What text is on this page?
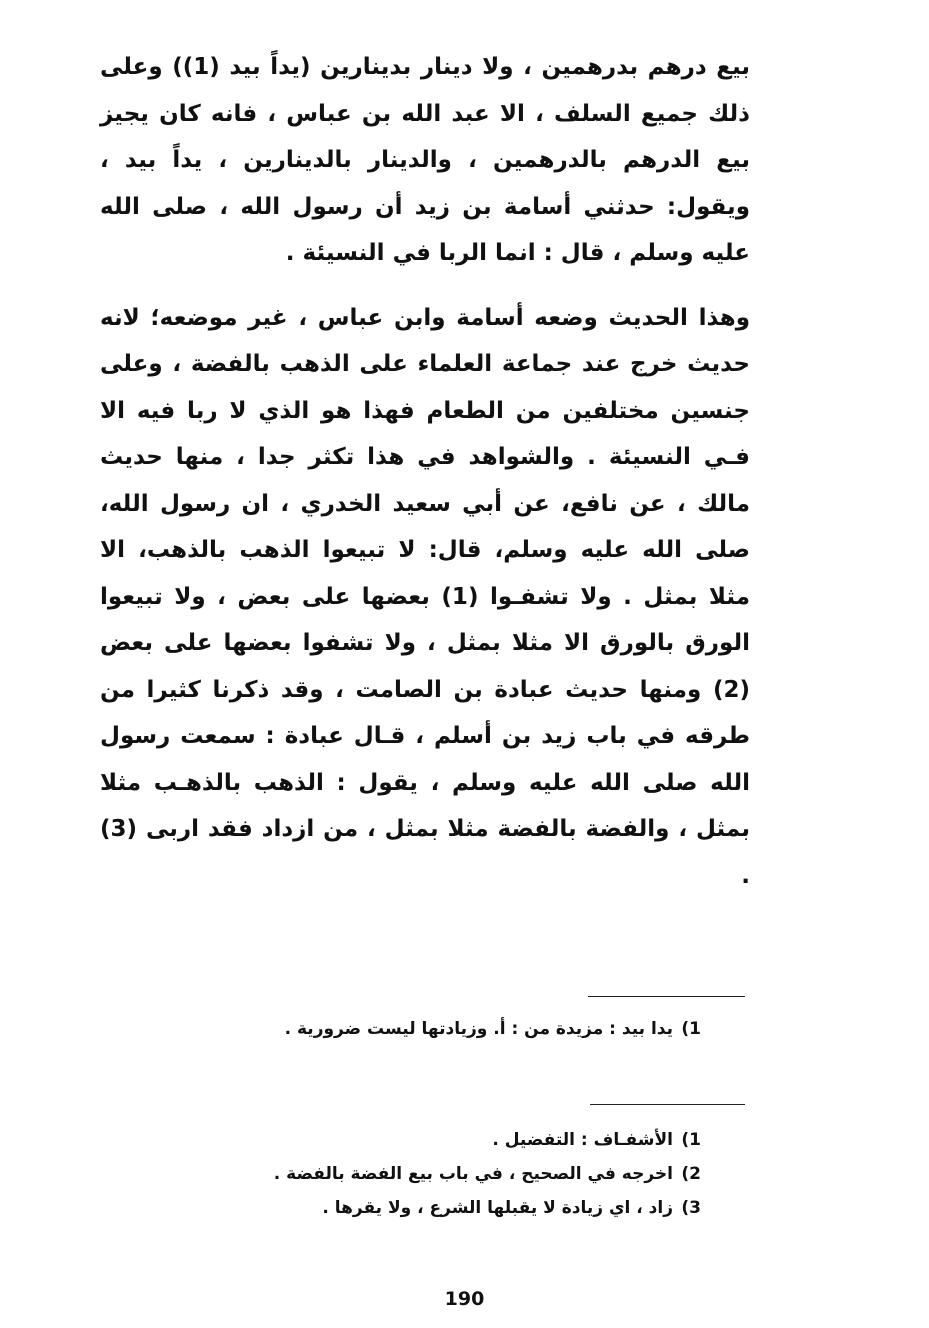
بيع درهم بدرهمين ، ولا دينار بدينارين (يداً بيد (1)) وعلى ذلك جميع السلف ، الا عبد الله بن عباس ، فانه كان يجيز بيع الدرهم بالدرهمين ، والدينار بالدينارين ، يداً بيد ، ويقول: حدثني أسامة بن زيد أن رسول الله ، صلى الله عليه وسلم ، قال : انما الربا في النسيئة .

وهذا الحديث وضعه أسامة وابن عباس ، غير موضعه؛ لانه حديث خرج عند جماعة العلماء على الذهب بالفضة ، وعلى جنسين مختلفين من الطعام فهذا هو الذي لا ربا فيه الا فـي النسيئة . والشواهد في هذا تكثر جدا ، منها حديث مالك ، عن نافع، عن أبي سعيد الخدري ، ان رسول الله، صلى الله عليه وسلم، قال: لا تبيعوا الذهب بالذهب، الا مثلا بمثل . ولا تشفـوا (1) بعضها على بعض ، ولا تبيعوا الورق بالورق الا مثلا بمثل ، ولا تشفوا بعضها على بعض (2) ومنها حديث عبادة بن الصامت ، وقد ذكرنا كثيرا من طرقه في باب زيد بن أسلم ، قـال عبادة : سمعت رسول الله صلى الله عليه وسلم ، يقول : الذهب بالذهـب مثلا بمثل ، والفضة بالفضة مثلا بمثل ، من ازداد فقد اربى (3) .

1)
يدا بيد : مزيدة من : أ. وزيادتها ليست ضرورية .
1)
الأشفـاف : التفضيل .
2)
اخرجه في الصحيح ، في باب بيع الفضة بالفضة .
3)
زاد ، اي زيادة لا يقبلها الشرع ، ولا يقرها .
190
